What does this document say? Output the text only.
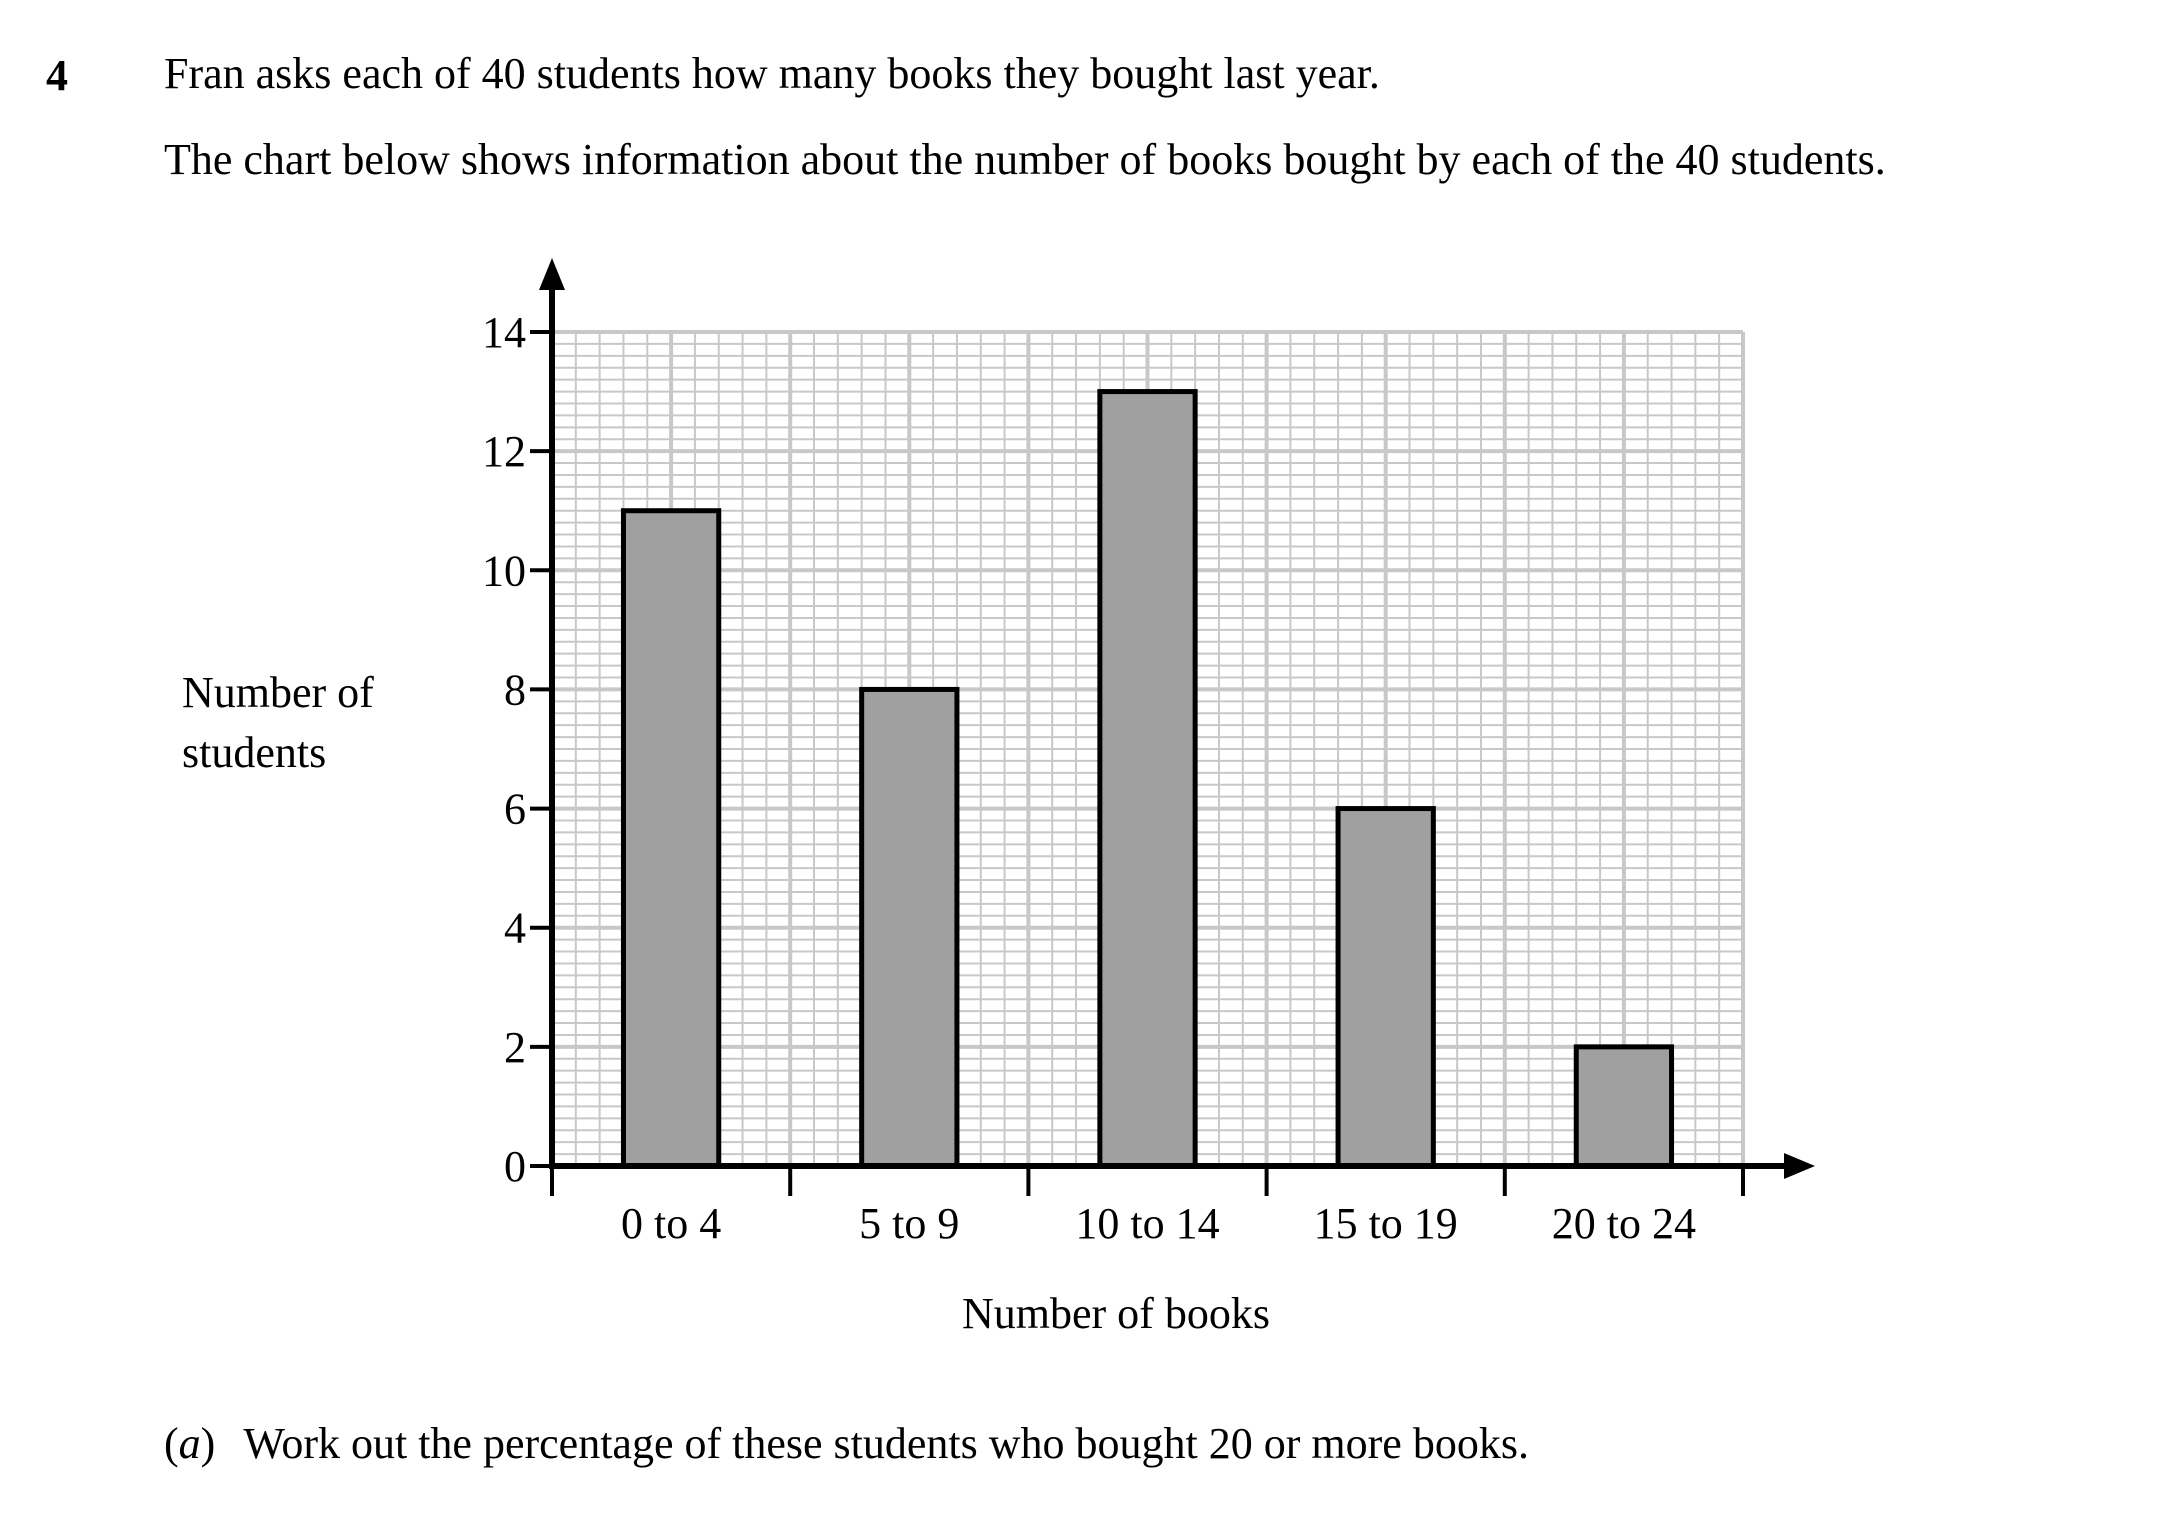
4 Fran asks each of 40 students how many books they bought last year.
The chart below shows information about the number of books bought by each of the 40 students.
0
2
4
6
8
10
12
14
0 to 4	5 to 9	10 to 14 15 to 19 20 to 24
Number of
students
Number of books
(a) Work out the percentage of these students who bought 20 or more books.
